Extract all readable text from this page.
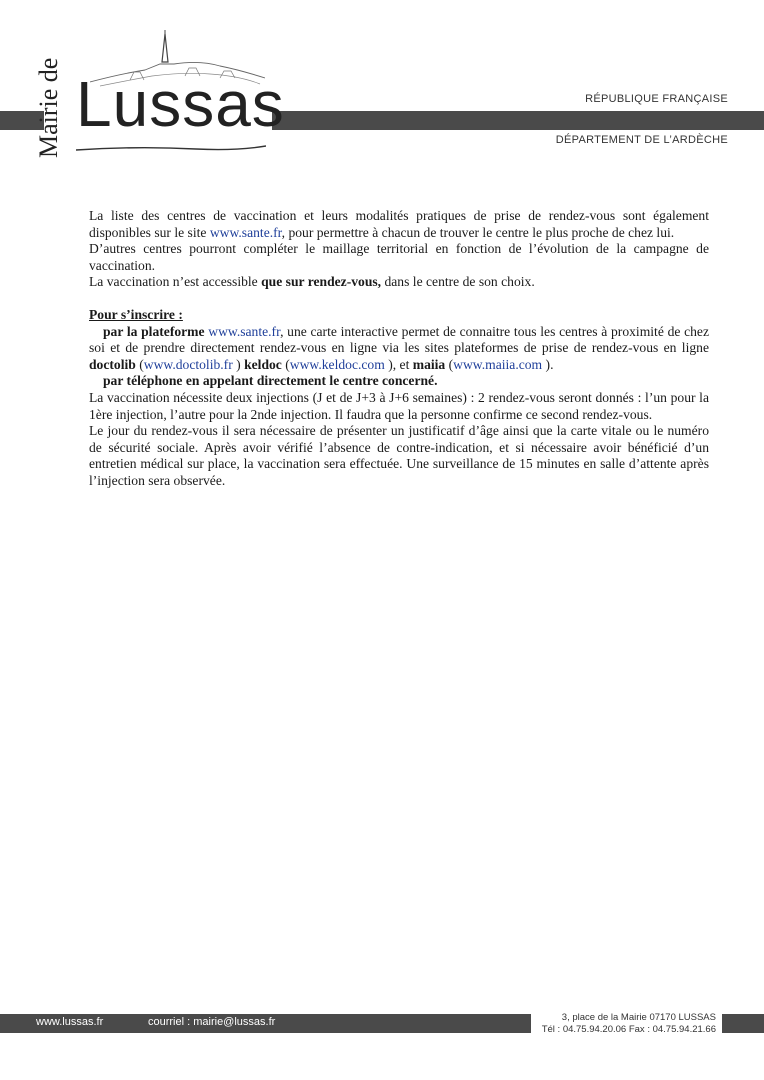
Mairie de Lussas	RÉPUBLIQUE FRANÇAISE
DÉPARTEMENT DE L’ARDÈCHE

La liste des centres de vaccination et leurs modalités pratiques de prise de rendez-vous sont également disponibles sur le site www.sante.fr, pour permettre à chacun de trouver le centre le plus proche de chez lui.

D’autres centres pourront compléter le maillage territorial en fonction de l’évolution de la campagne de vaccination.

La vaccination n’est accessible que sur rendez-vous, dans le centre de son choix.

Pour s’inscrire :

par la plateforme www.sante.fr, une carte interactive permet de connaitre tous les centres à proximité de chez soi et de prendre directement rendez-vous en ligne via les sites plateformes de prise de rendez-vous en ligne doctolib (www.doctolib.fr ) keldoc (www.keldoc.com ), et maiia (www.maiia.com ).

par téléphone en appelant directement le centre concerné.

La vaccination nécessite deux injections (J et de J+3 à J+6 semaines) : 2 rendez-vous seront donnés : l’un pour la 1ère injection, l’autre pour la 2nde injection. Il faudra que la personne confirme ce second rendez-vous.

Le jour du rendez-vous il sera nécessaire de présenter un justificatif d’âge ainsi que la carte vitale ou le numéro de sécurité sociale. Après avoir vérifié l’absence de contre-indication, et si nécessaire avoir bénéficié d’un entretien médical sur place, la vaccination sera effectuée. Une surveillance de 15 minutes en salle d’attente après l’injection sera observée.

www.lussas.fr	courriel : mairie@lussas.fr	3, place de la Mairie 07170 LUSSAS
Tél : 04.75.94.20.06 Fax : 04.75.94.21.66
